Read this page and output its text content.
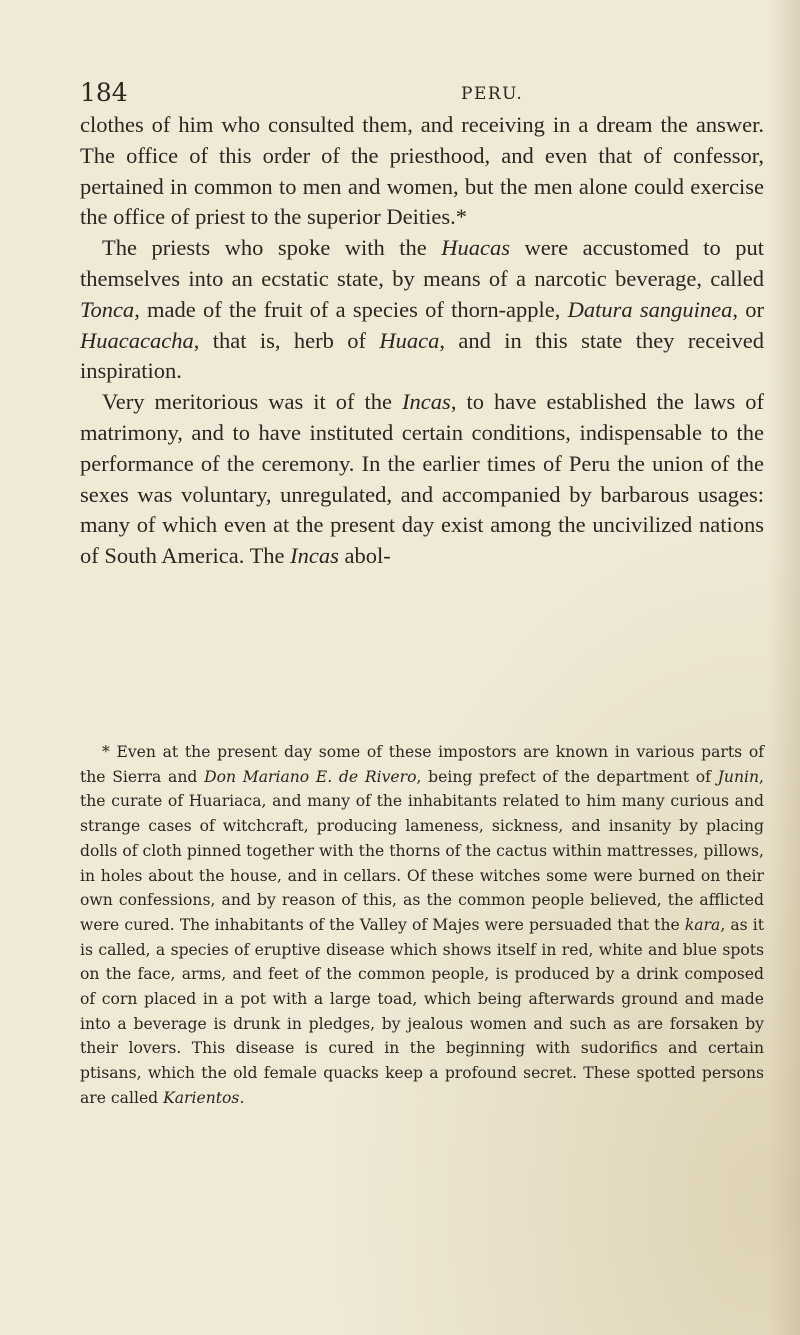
184	PERU.

clothes of him who consulted them, and receiving in a dream the answer. The office of this order of the priesthood, and even that of confessor, pertained in common to men and women, but the men alone could exercise the office of priest to the superior Deities.*

The priests who spoke with the Huacas were accustomed to put themselves into an ecstatic state, by means of a narcotic beverage, called Tonca, made of the fruit of a species of thorn-apple, Datura sanguinea, or Huacacacha, that is, herb of Huaca, and in this state they received inspiration.

Very meritorious was it of the Incas, to have established the laws of matrimony, and to have instituted certain conditions, indispensable to the performance of the ceremony. In the earlier times of Peru the union of the sexes was voluntary, unregulated, and accompanied by barbarous usages: many of which even at the present day exist among the uncivilized nations of South America. The Incas abol-

* Even at the present day some of these impostors are known in various parts of the Sierra and Don Mariano E. de Rivero, being prefect of the department of Junin, the curate of Huariaca, and many of the inhabitants related to him many curious and strange cases of witchcraft, producing lameness, sickness, and insanity by placing dolls of cloth pinned together with the thorns of the cactus within mattresses, pillows, in holes about the house, and in cellars. Of these witches some were burned on their own confessions, and by reason of this, as the common people believed, the afflicted were cured. The inhabitants of the Valley of Majes were persuaded that the kara, as it is called, a species of eruptive disease which shows itself in red, white and blue spots on the face, arms, and feet of the common people, is produced by a drink composed of corn placed in a pot with a large toad, which being afterwards ground and made into a beverage is drunk in pledges, by jealous women and such as are forsaken by their lovers. This disease is cured in the beginning with sudorifics and certain ptisans, which the old female quacks keep a profound secret. These spotted persons are called Karientos.
